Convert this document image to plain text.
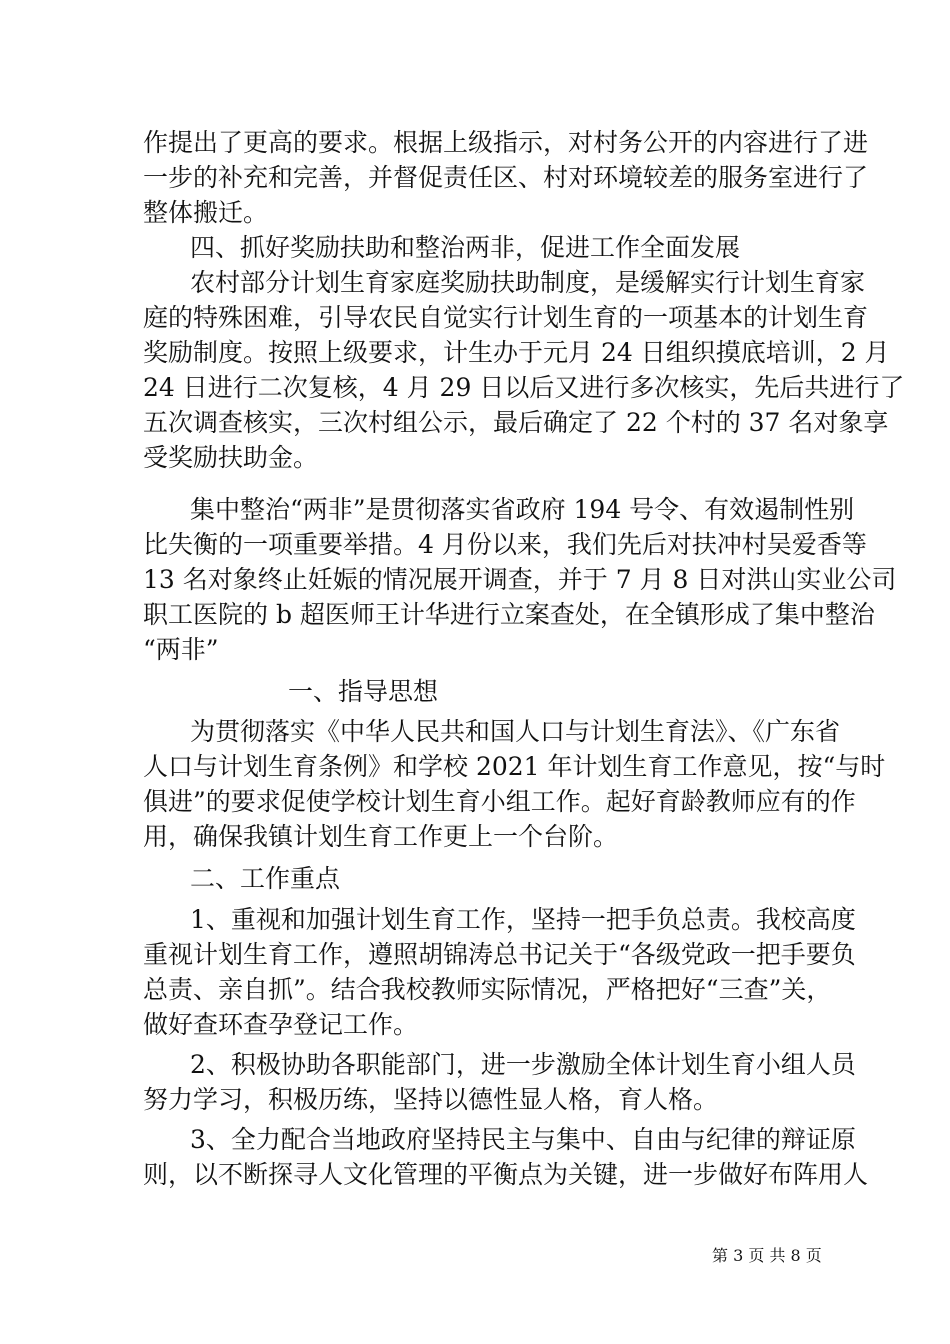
作提出了更高的要求。根据上级指示，对村务公开的内容进行了进
一步的补充和完善，并督促责任区、村对环境较差的服务室进行了
整体搬迁。
四、抓好奖励扶助和整治两非，促进工作全面发展
农村部分计划生育家庭奖励扶助制度，是缓解实行计划生育家
庭的特殊困难，引导农民自觉实行计划生育的一项基本的计划生育
奖励制度。按照上级要求，计生办于元月 24 日组织摸底培训，2 月
24 日进行二次复核，4 月 29 日以后又进行多次核实，先后共进行了
五次调查核实，三次村组公示，最后确定了 22 个村的 37 名对象享
受奖励扶助金。
集中整治“两非”是贯彻落实省政府 194 号令、有效遏制性别
比失衡的一项重要举措。4 月份以来，我们先后对扶冲村吴爱香等
13 名对象终止妊娠的情况展开调查，并于 7 月 8 日对洪山实业公司
职工医院的 b 超医师王计华进行立案查处，在全镇形成了集中整治
“两非”
一、指导思想
为贯彻落实《中华人民共和国人口与计划生育法》、《广东省
人口与计划生育条例》和学校 2021 年计划生育工作意见，按“与时
俱进”的要求促使学校计划生育小组工作。起好育龄教师应有的作
用，确保我镇计划生育工作更上一个台阶。
二、工作重点
1、重视和加强计划生育工作，坚持一把手负总责。我校高度
重视计划生育工作，遵照胡锦涛总书记关于“各级党政一把手要负
总责、亲自抓”。结合我校教师实际情况，严格把好“三查”关，
做好查环查孕登记工作。
2、积极协助各职能部门，进一步激励全体计划生育小组人员
努力学习，积极历练，坚持以德性显人格，育人格。
3、全力配合当地政府坚持民主与集中、自由与纪律的辩证原
则，以不断探寻人文化管理的平衡点为关键，进一步做好布阵用人
第 3 页 共 8 页
